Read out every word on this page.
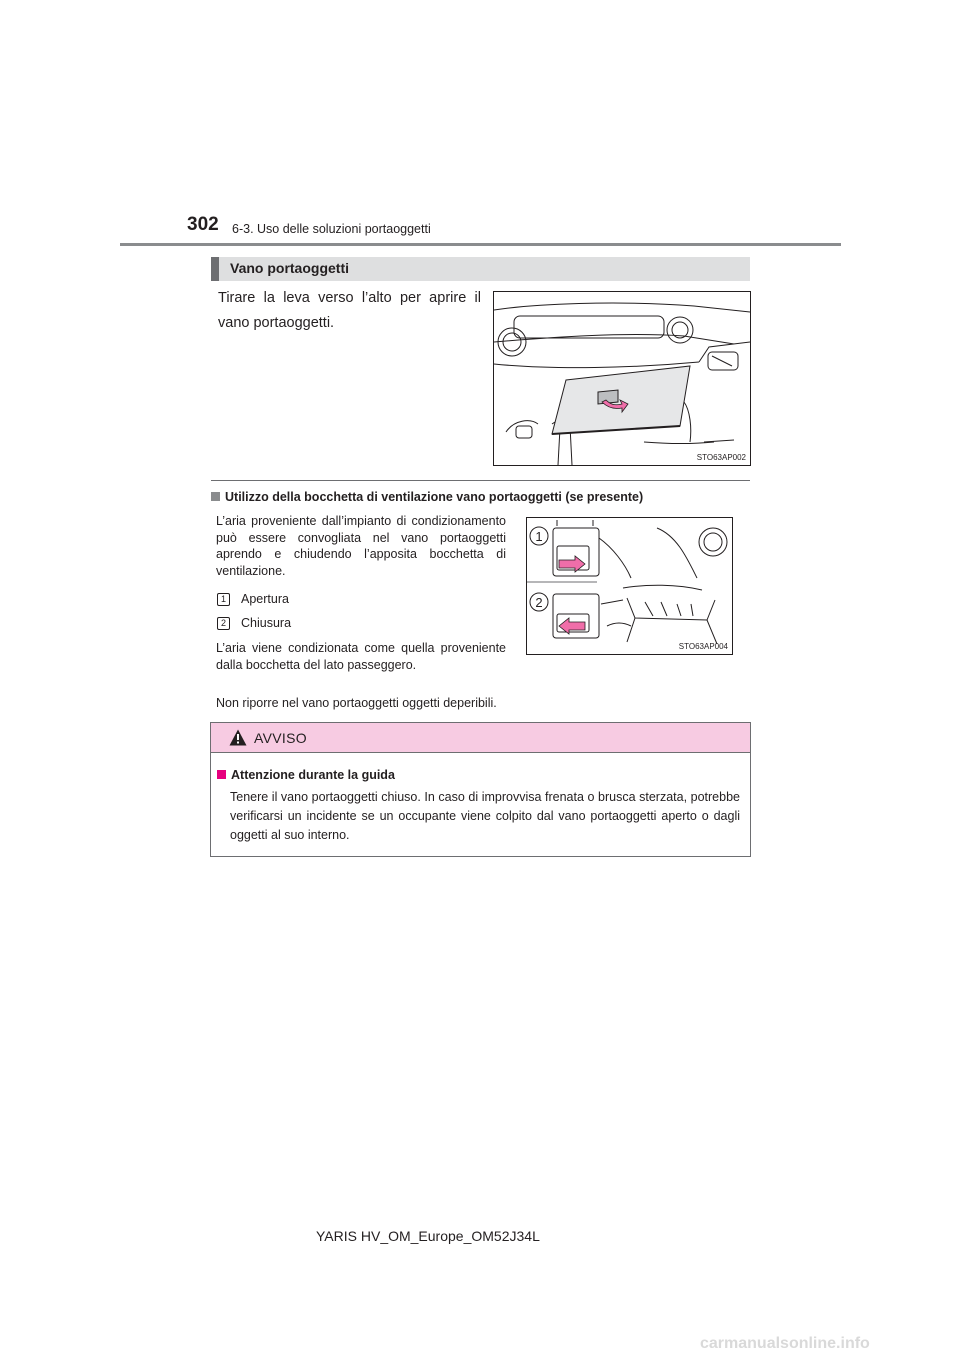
302 6-3. Uso delle soluzioni portaoggetti
Vano portaoggetti
Tirare la leva verso l’alto per aprire il vano portaoggetti.
STO63AP002
Utilizzo della bocchetta di ventilazione vano portaoggetti (se presente)
L’aria proveniente dall’impianto di condizionamento può essere convogliata nel vano portaoggetti aprendo e chiudendo l’apposita bocchetta di ventilazione.
1 Apertura
2 Chiusura
L’aria viene condizionata come quella proveniente dalla bocchetta del lato passeggero.
Non riporre nel vano portaoggetti oggetti deperibili.
1
2
STO63AP004
AVVISO
Attenzione durante la guida
Tenere il vano portaoggetti chiuso. In caso di improvvisa frenata o brusca sterzata, potrebbe verificarsi un incidente se un occupante viene colpito dal vano portaoggetti aperto o dagli oggetti al suo interno.
YARIS HV_OM_Europe_OM52J34L
carmanualsonline.info
